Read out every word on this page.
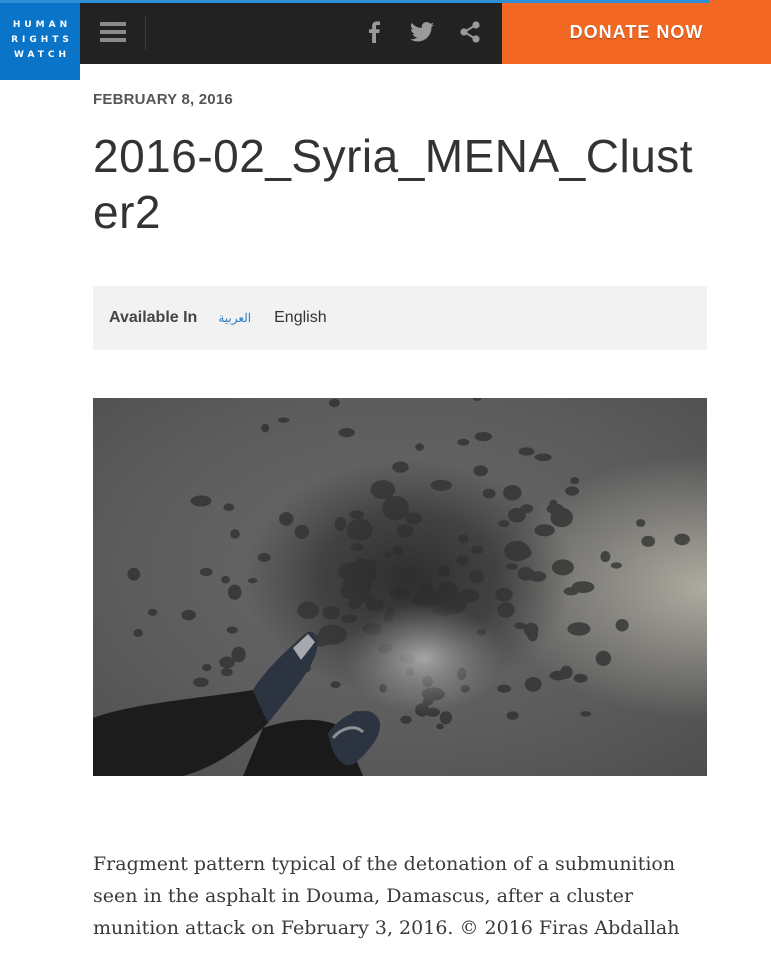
DONATE NOW
HUMAN
RIGHTS
WATCH
FEBRUARY 8, 2016
2016-02_Syria_MENA_Cluster2
Available In العربية English

Fragment pattern typical of the detonation of a submunition seen in the asphalt in Douma, Damascus, after a cluster munition attack on February 3, 2016. © 2016 Firas Abdallah
